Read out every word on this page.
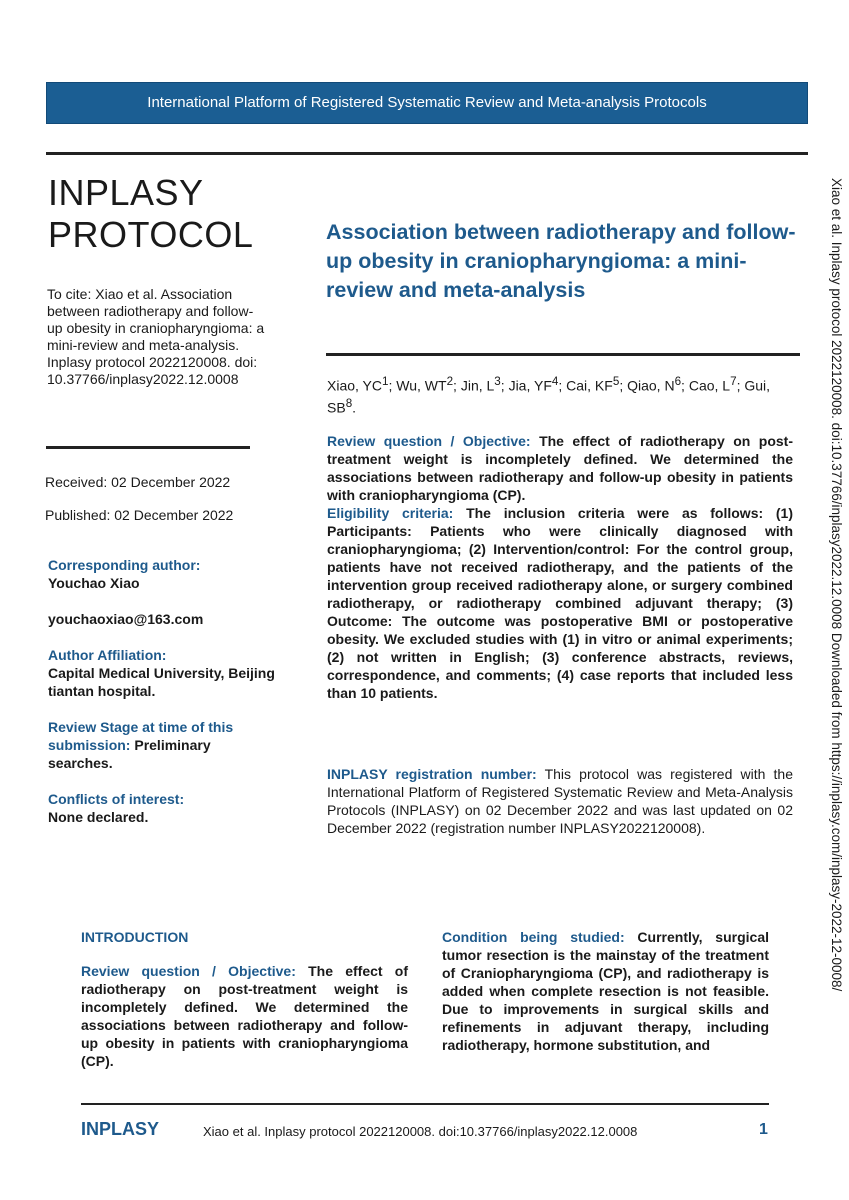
International Platform of Registered Systematic Review and Meta-analysis Protocols
INPLASY
PROTOCOL
To cite: Xiao et al. Association between radiotherapy and follow-up obesity in craniopharyngioma: a mini-review and meta-analysis. Inplasy protocol 2022120008. doi: 10.37766/inplasy2022.12.0008
Received: 02 December 2022
Published: 02 December 2022
Corresponding author:
Youchao Xiao
youchaoxiao@163.com
Author Affiliation:
Capital Medical University, Beijing tiantan hospital.
Review Stage at time of this submission: Preliminary searches.
Conflicts of interest:
None declared.
Association between radiotherapy and follow-up obesity in craniopharyngioma: a mini-review and meta-analysis
Xiao, $YC^1$; Wu, $WT^2$; Jin, $L^3$; Jia, $YF^4$; Cai, $KF^5$; Qiao, $N^6$; Cao, $L^7$; Gui, $SB^8$.
Review question / Objective: The effect of radiotherapy on post-treatment weight is incompletely defined. We determined the associations between radiotherapy and follow-up obesity in patients with craniopharyngioma (CP).
Eligibility criteria: The inclusion criteria were as follows: (1) Participants: Patients who were clinically diagnosed with craniopharyngioma; (2) Intervention/control: For the control group, patients have not received radiotherapy, and the patients of the intervention group received radiotherapy alone, or surgery combined radiotherapy, or radiotherapy combined adjuvant therapy; (3) Outcome: The outcome was postoperative BMI or postoperative obesity. We excluded studies with (1) in vitro or animal experiments; (2) not written in English; (3) conference abstracts, reviews, correspondence, and comments; (4) case reports that included less than 10 patients.
INPLASY registration number: This protocol was registered with the International Platform of Registered Systematic Review and Meta-Analysis Protocols (INPLASY) on 02 December 2022 and was last updated on 02 December 2022 (registration number INPLASY2022120008).
INTRODUCTION
Review question / Objective: The effect of radiotherapy on post-treatment weight is incompletely defined. We determined the associations between radiotherapy and follow-up obesity in patients with craniopharyngioma (CP).
Condition being studied: Currently, surgical tumor resection is the mainstay of the treatment of Craniopharyngioma (CP), and radiotherapy is added when complete resection is not feasible. Due to improvements in surgical skills and refinements in adjuvant therapy, including radiotherapy, hormone substitution, and
INPLASY	Xiao et al. Inplasy protocol 2022120008. doi:10.37766/inplasy2022.12.0008	1
Xiao et al. Inplasy protocol 2022120008. doi:10.37766/inplasy2022.12.0008 Downloaded from https://inplasy.com/inplasy-2022-12-0008/
